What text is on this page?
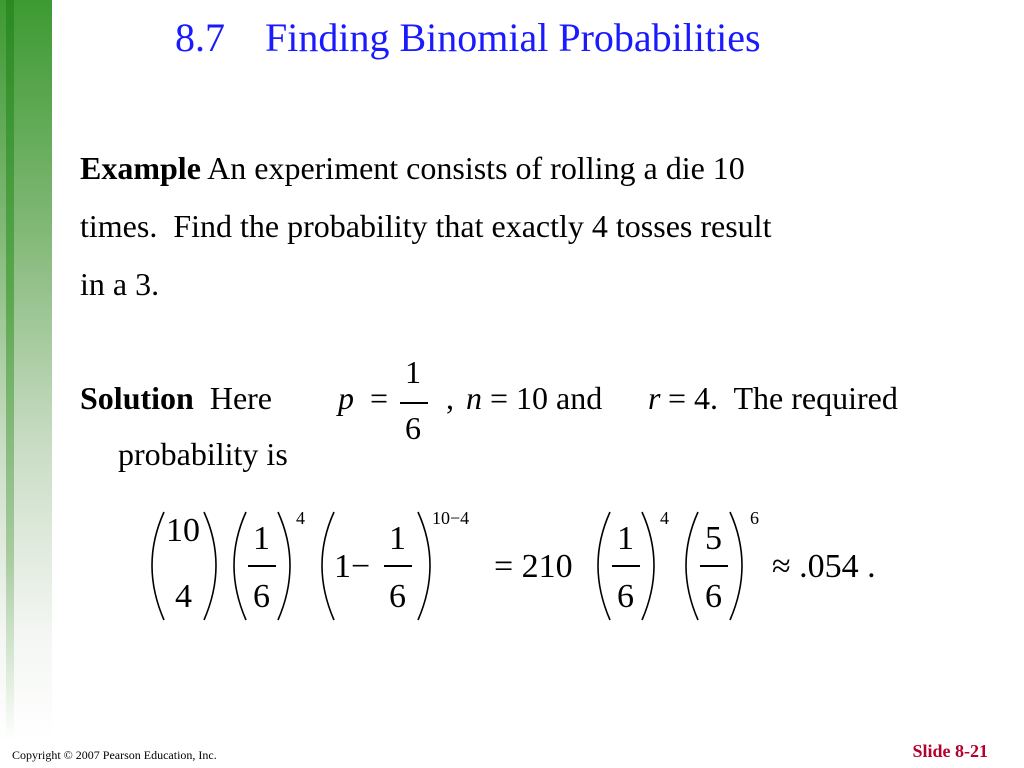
8.7    Finding Binomial Probabilities
Example An experiment consists of rolling a die 10
times.  Find the probability that exactly 4 tosses result
in a 3.
Solution  Here p =
1
6
, n = 10 and r = 4.  The required
probability is
10
4
1
6
4
1−
1
6
10−4
= 210
1
6
4
5
6
6
≈ .054 .
Copyright © 2007 Pearson Education, Inc.	Slide 8-21
